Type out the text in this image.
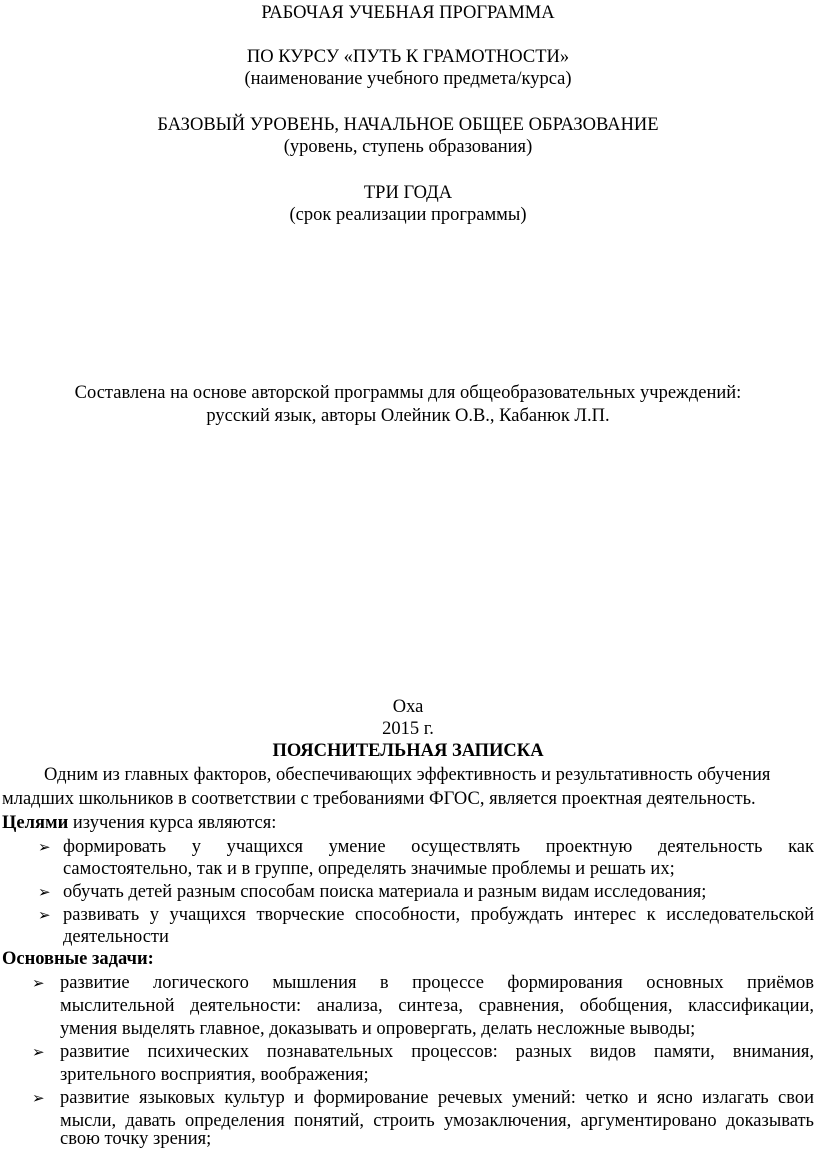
РАБОЧАЯ УЧЕБНАЯ ПРОГРАММА
ПО КУРСУ «ПУТЬ К ГРАМОТНОСТИ»
(наименование учебного предмета/курса)
БАЗОВЫЙ УРОВЕНЬ, НАЧАЛЬНОЕ ОБЩЕЕ ОБРАЗОВАНИЕ
(уровень, ступень образования)
ТРИ ГОДА
(срок реализации программы)
Составлена на основе авторской программы для общеобразовательных учреждений:
русский язык, авторы Олейник О.В., Кабанюк Л.П.
Оха
2015 г.
ПОЯСНИТЕЛЬНАЯ ЗАПИСКА
Одним из главных факторов, обеспечивающих эффективность и результативность обучения
младших школьников в соответствии с требованиями ФГОС, является проектная деятельность.
Целями изучения курса являются:
➢ формировать у учащихся умение осуществлять проектную деятельность как
самостоятельно, так и в группе, определять значимые проблемы и решать их;
➢ обучать детей разным способам поиска материала и разным видам исследования;
➢ развивать у учащихся творческие способности, пробуждать интерес к исследовательской
деятельности
Основные задачи:
➢ развитие логического мышления в процессе формирования основных приёмов
мыслительной деятельности: анализа, синтеза, сравнения, обобщения, классификации,
умения выделять главное, доказывать и опровергать, делать несложные выводы;
➢ развитие психических познавательных процессов: разных видов памяти, внимания,
зрительного восприятия, воображения;
➢ развитие языковых культур и формирование речевых умений: четко и ясно излагать свои
мысли, давать определения понятий, строить умозаключения, аргументировано доказывать
свою точку зрения;
